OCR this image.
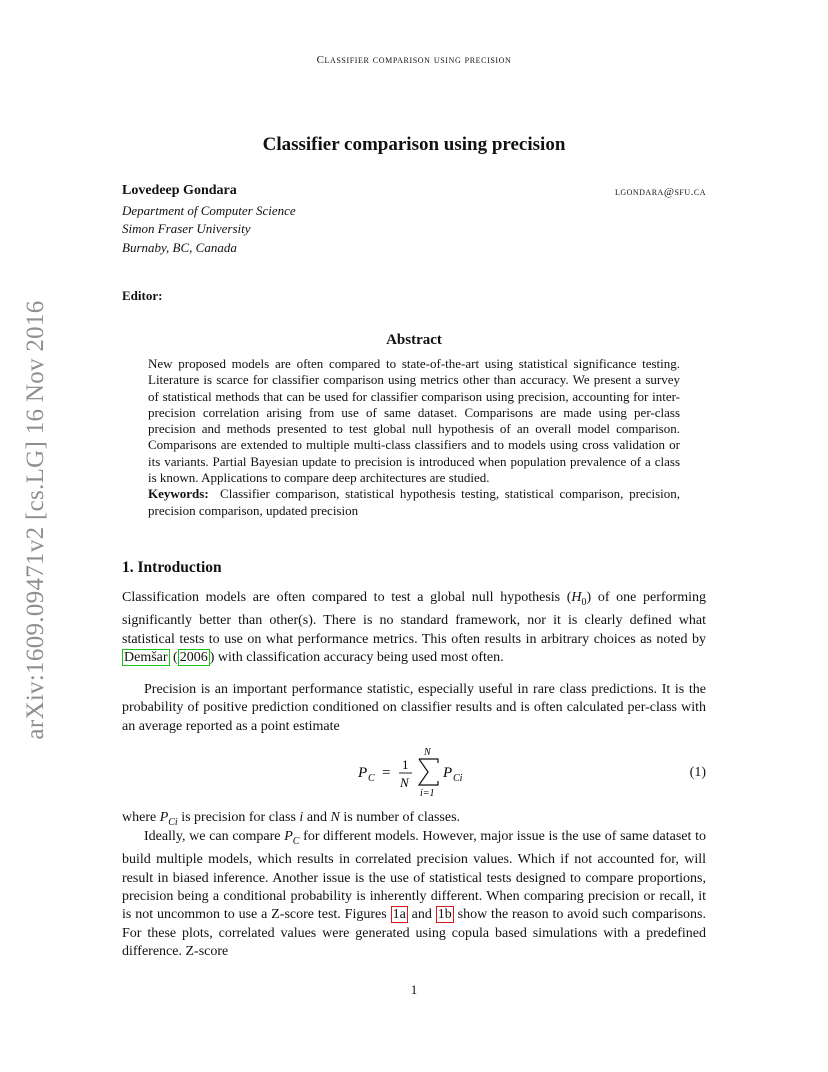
arXiv:1609.09471v2 [cs.LG] 16 Nov 2016
Classifier comparison using precision
Classifier comparison using precision
Lovedeep Gondara	lgondara@sfu.ca
Department of Computer Science
Simon Fraser University
Burnaby, BC, Canada
Editor:
Abstract
New proposed models are often compared to state-of-the-art using statistical significance testing. Literature is scarce for classifier comparison using metrics other than accuracy. We present a survey of statistical methods that can be used for classifier comparison using precision, accounting for inter-precision correlation arising from use of same dataset. Comparisons are made using per-class precision and methods presented to test global null hypothesis of an overall model comparison. Comparisons are extended to multiple multi-class classifiers and to models using cross validation or its variants. Partial Bayesian update to precision is introduced when population prevalence of a class is known. Applications to compare deep architectures are studied.
Keywords: Classifier comparison, statistical hypothesis testing, statistical comparison, precision, precision comparison, updated precision
1. Introduction
Classification models are often compared to test a global null hypothesis $(H_0)$ of one performing significantly better than other(s). There is no standard framework, nor it is clearly defined what statistical tests to use on what performance metrics. This often results in arbitrary choices as noted by Demšar ( 2006 ) with classification accuracy being used most often.
Precision is an important performance statistic, especially useful in rare class predictions. It is the probability of positive prediction conditioned on classifier results and is often calculated per-class with an average reported as a point estimate
P C =
1
N
N
i=1
P Ci	(1)
where $P_{Ci}$ is precision for class i and N is number of classes.
Ideally, we can compare $P_C$ for different models. However, major issue is the use of same dataset to build multiple models, which results in correlated precision values. Which if not accounted for, will result in biased inference. Another issue is the use of statistical tests designed to compare proportions, precision being a conditional probability is inherently different. When comparing precision or recall, it is not uncommon to use a Z-score test. Figures 1a and 1b show the reason to avoid such comparisons. For these plots, correlated values were generated using copula based simulations with a predefined difference. Z-score
1
